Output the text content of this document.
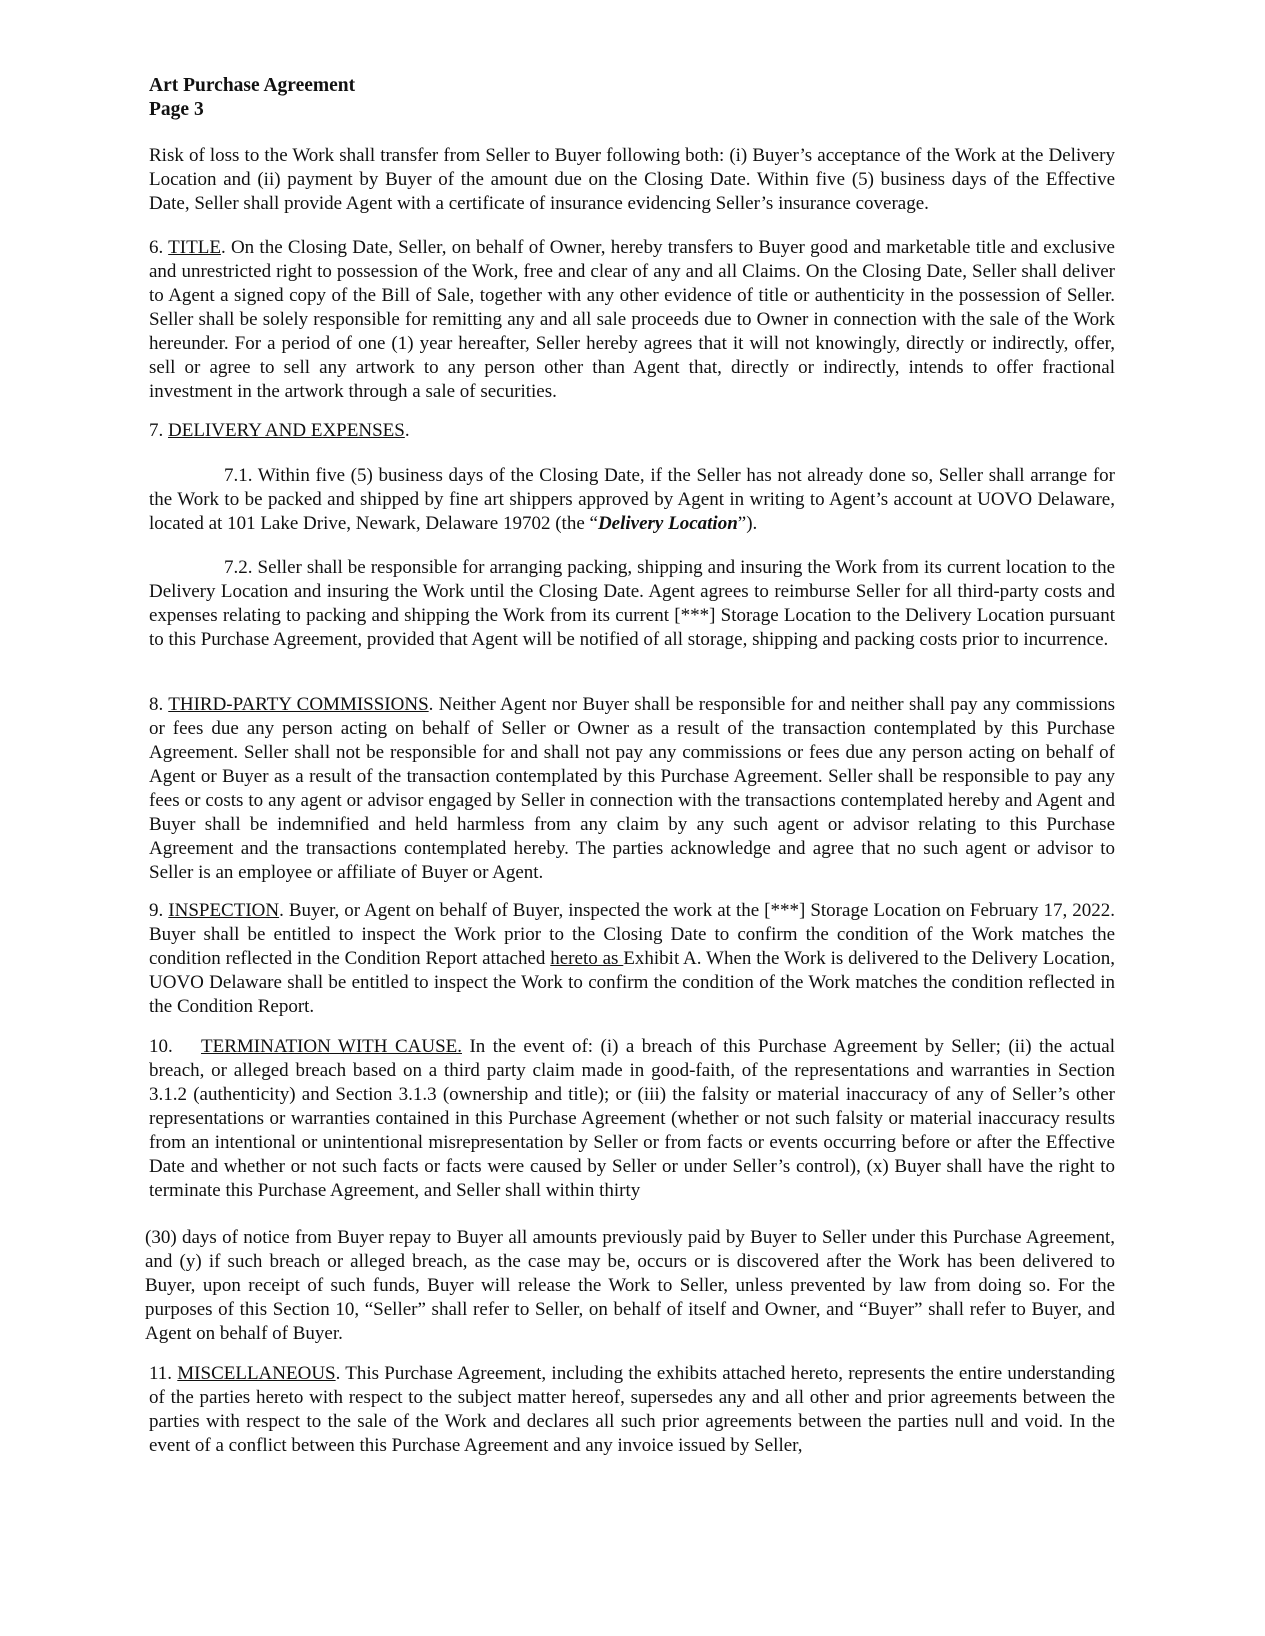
Art Purchase Agreement
Page 3

Risk of loss to the Work shall transfer from Seller to Buyer following both: (i) Buyer’s acceptance of the Work at the Delivery Location and (ii) payment by Buyer of the amount due on the Closing Date. Within five (5) business days of the Effective Date, Seller shall provide Agent with a certificate of insurance evidencing Seller’s insurance coverage.

6. TITLE. On the Closing Date, Seller, on behalf of Owner, hereby transfers to Buyer good and marketable title and exclusive and unrestricted right to possession of the Work, free and clear of any and all Claims. On the Closing Date, Seller shall deliver to Agent a signed copy of the Bill of Sale, together with any other evidence of title or authenticity in the possession of Seller. Seller shall be solely responsible for remitting any and all sale proceeds due to Owner in connection with the sale of the Work hereunder. For a period of one (1) year hereafter, Seller hereby agrees that it will not knowingly, directly or indirectly, offer, sell or agree to sell any artwork to any person other than Agent that, directly or indirectly, intends to offer fractional investment in the artwork through a sale of securities.

7. DELIVERY AND EXPENSES.

7.1. Within five (5) business days of the Closing Date, if the Seller has not already done so, Seller shall arrange for the Work to be packed and shipped by fine art shippers approved by Agent in writing to Agent’s account at UOVO Delaware, located at 101 Lake Drive, Newark, Delaware 19702 (the “Delivery Location”).

7.2. Seller shall be responsible for arranging packing, shipping and insuring the Work from its current location to the Delivery Location and insuring the Work until the Closing Date. Agent agrees to reimburse Seller for all third-party costs and expenses relating to packing and shipping the Work from its current [***] Storage Location to the Delivery Location pursuant to this Purchase Agreement, provided that Agent will be notified of all storage, shipping and packing costs prior to incurrence.

8. THIRD-PARTY COMMISSIONS. Neither Agent nor Buyer shall be responsible for and neither shall pay any commissions or fees due any person acting on behalf of Seller or Owner as a result of the transaction contemplated by this Purchase Agreement. Seller shall not be responsible for and shall not pay any commissions or fees due any person acting on behalf of Agent or Buyer as a result of the transaction contemplated by this Purchase Agreement. Seller shall be responsible to pay any fees or costs to any agent or advisor engaged by Seller in connection with the transactions contemplated hereby and Agent and Buyer shall be indemnified and held harmless from any claim by any such agent or advisor relating to this Purchase Agreement and the transactions contemplated hereby. The parties acknowledge and agree that no such agent or advisor to Seller is an employee or affiliate of Buyer or Agent.

9. INSPECTION. Buyer, or Agent on behalf of Buyer, inspected the work at the [***] Storage Location on February 17, 2022. Buyer shall be entitled to inspect the Work prior to the Closing Date to confirm the condition of the Work matches the condition reflected in the Condition Report attached hereto as Exhibit A. When the Work is delivered to the Delivery Location, UOVO Delaware shall be entitled to inspect the Work to confirm the condition of the Work matches the condition reflected in the Condition Report.

10. TERMINATION WITH CAUSE. In the event of: (i) a breach of this Purchase Agreement by Seller; (ii) the actual breach, or alleged breach based on a third party claim made in good-faith, of the representations and warranties in Section 3.1.2 (authenticity) and Section 3.1.3 (ownership and title); or (iii) the falsity or material inaccuracy of any of Seller’s other representations or warranties contained in this Purchase Agreement (whether or not such falsity or material inaccuracy results from an intentional or unintentional misrepresentation by Seller or from facts or events occurring before or after the Effective Date and whether or not such facts or facts were caused by Seller or under Seller’s control), (x) Buyer shall have the right to terminate this Purchase Agreement, and Seller shall within thirty

(30) days of notice from Buyer repay to Buyer all amounts previously paid by Buyer to Seller under this Purchase Agreement, and (y) if such breach or alleged breach, as the case may be, occurs or is discovered after the Work has been delivered to Buyer, upon receipt of such funds, Buyer will release the Work to Seller, unless prevented by law from doing so. For the purposes of this Section 10, “Seller” shall refer to Seller, on behalf of itself and Owner, and “Buyer” shall refer to Buyer, and Agent on behalf of Buyer.

11. MISCELLANEOUS. This Purchase Agreement, including the exhibits attached hereto, represents the entire understanding of the parties hereto with respect to the subject matter hereof, supersedes any and all other and prior agreements between the parties with respect to the sale of the Work and declares all such prior agreements between the parties null and void. In the event of a conflict between this Purchase Agreement and any invoice issued by Seller,
